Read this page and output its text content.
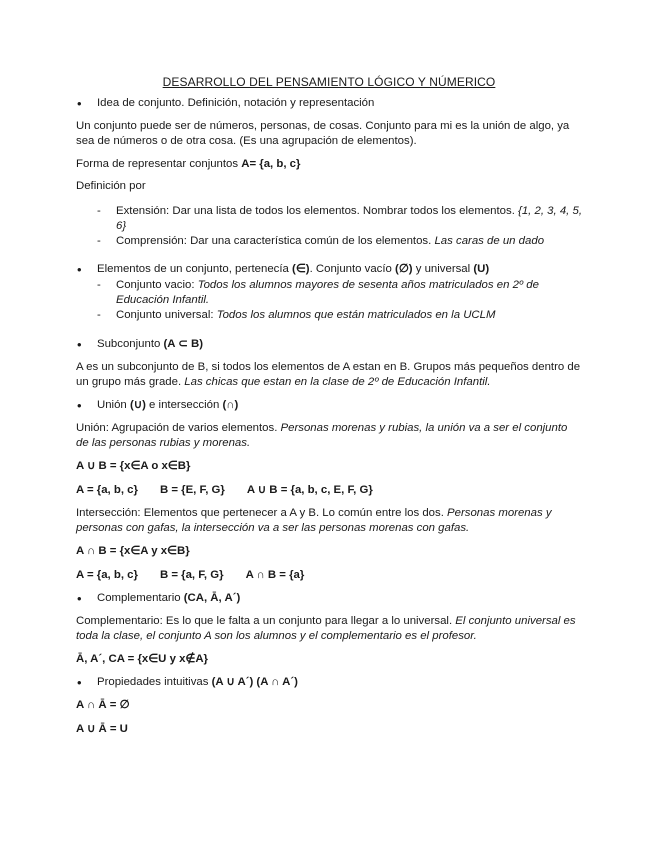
DESARROLLO DEL PENSAMIENTO LÓGICO Y NÚMERICO

• Idea de conjunto. Definición, notación y representación

Un conjunto puede ser de números, personas, de cosas. Conjunto para mi es la unión de algo, ya sea de números o de otra cosa. (Es una agrupación de elementos).

Forma de representar conjuntos A= {a, b, c}

Definición por

- Extensión: Dar una lista de todos los elementos. Nombrar todos los elementos. {1, 2, 3, 4, 5, 6}

- Comprensión: Dar una característica común de los elementos. Las caras de un dado

• Elementos de un conjunto, pertenecía (∈). Conjunto vacío (∅) y universal (U)

- Conjunto vacio: Todos los alumnos mayores de sesenta años matriculados en 2º de Educación Infantil.

- Conjunto universal: Todos los alumnos que están matriculados en la UCLM

• Subconjunto (A ⊂ B)

A es un subconjunto de B, si todos los elementos de A estan en B. Grupos más pequeños dentro de un grupo más grade. Las chicas que estan en la clase de 2º de Educación Infantil.

• Unión (∪) e intersección (∩)

Unión: Agrupación de varios elementos. Personas morenas y rubias, la unión va a ser el conjunto de las personas rubias y morenas.

A ∪ B = {x∈A o x∈B}

A = {a, b, c} B = {E, F, G} A ∪ B = {a, b, c, E, F, G}

Intersección: Elementos que pertenecer a A y B. Lo común entre los dos. Personas morenas y personas con gafas, la intersección va a ser las personas morenas con gafas.

A ∩ B = {x∈A y x∈B}

A = {a, b, c} B = {a, F, G} A ∩ B = {a}

• Complementario (CA, Ā, A´)

Complementario: Es lo que le falta a un conjunto para llegar a lo universal. El conjunto universal es toda la clase, el conjunto A son los alumnos y el complementario es el profesor.

Ā, A´, CA = {x∈U y x∉A}

• Propiedades intuitivas (A ∪ A´) (A ∩ A´)

A ∩ Ā = ∅

A ∪ Ā = U
